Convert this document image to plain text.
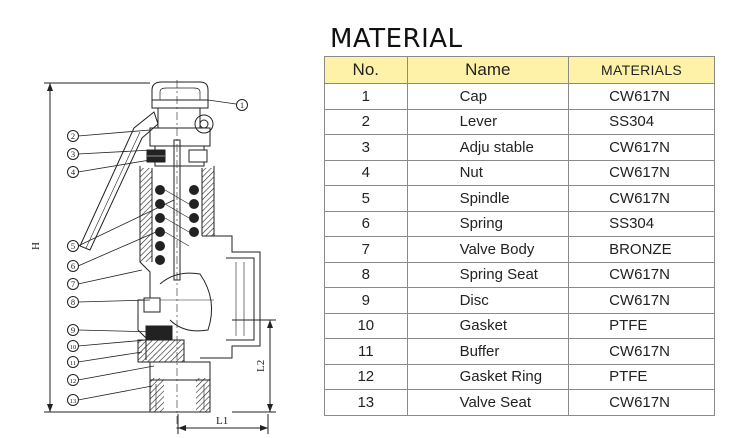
H
L2
L1
1
2
3
4
5
6
7
8
9
10
11
12
13
MATERIAL
No.	Name	MATERIALS
1	Cap	CW617N
2	Lever	SS304
3	Adju stable	CW617N
4	Nut	CW617N
5	Spindle	CW617N
6	Spring	SS304
7	Valve Body	BRONZE
8	Spring Seat	CW617N
9	Disc	CW617N
10	Gasket	PTFE
11	Buffer	CW617N
12	Gasket Ring	PTFE
13	Valve Seat	CW617N
